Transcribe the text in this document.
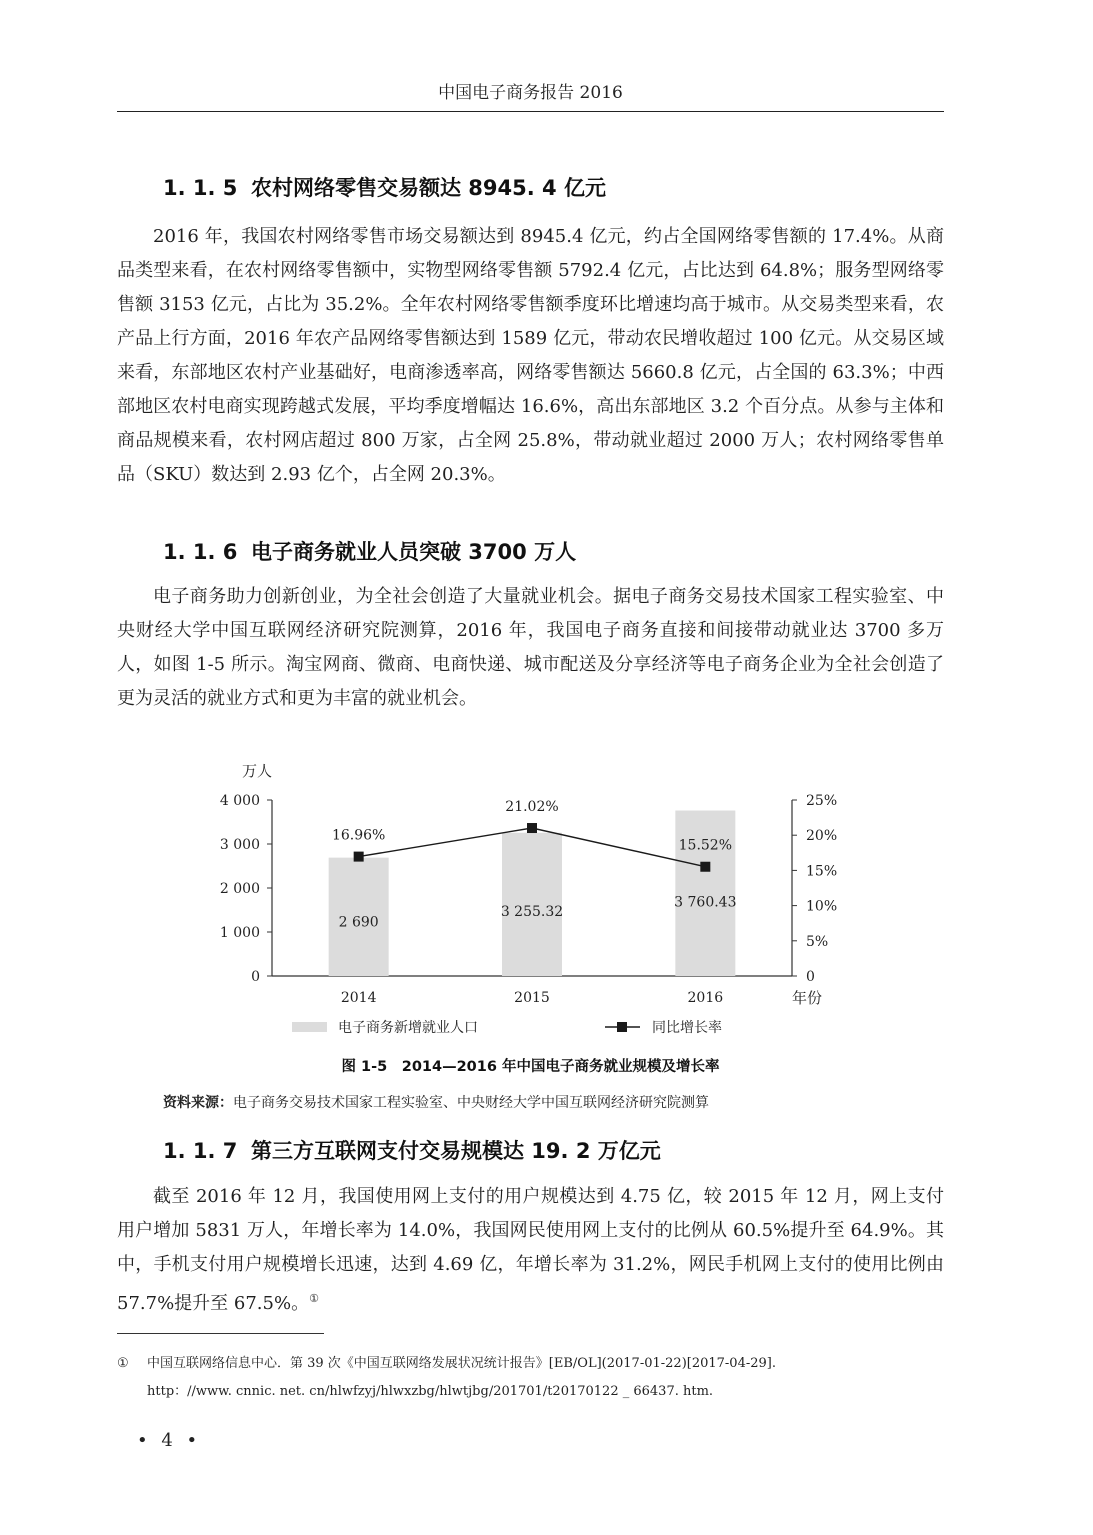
中国电子商务报告 2016
1. 1. 5 农村网络零售交易额达 8945. 4 亿元

2016 年，我国农村网络零售市场交易额达到 8945.4 亿元，约占全国网络零售额的 17.4%。从商品类型来看，在农村网络零售额中，实物型网络零售额 5792.4 亿元，占比达到 64.8%；服务型网络零售额 3153 亿元，占比为 35.2%。全年农村网络零售额季度环比增速均高于城市。从交易类型来看，农产品上行方面，2016 年农产品网络零售额达到 1589 亿元，带动农民增收超过 100 亿元。从交易区域来看，东部地区农村产业基础好，电商渗透率高，网络零售额达 5660.8 亿元，占全国的 63.3%；中西部地区农村电商实现跨越式发展，平均季度增幅达 16.6%，高出东部地区 3.2 个百分点。从参与主体和商品规模来看，农村网店超过 800 万家，占全网 25.8%，带动就业超过 2000 万人；农村网络零售单品（SKU）数达到 2.93 亿个，占全网 20.3%。

1. 1. 6 电子商务就业人员突破 3700 万人

电子商务助力创新创业，为全社会创造了大量就业机会。据电子商务交易技术国家工程实验室、中央财经大学中国互联网经济研究院测算，2016 年，我国电子商务直接和间接带动就业达 3700 多万人，如图 1-5 所示。淘宝网商、微商、电商快递、城市配送及分享经济等电子商务企业为全社会创造了更为灵活的就业方式和更为丰富的就业机会。

万人
年份
0
1 000
2 000
3 000
4 000
0
5%
10%
15%
20%
25%
2014	2015	2016
2 690
3 255.32
3 760.43
16.96%
21.02%
15.52%
电子商务新增就业人口	同比增长率
图 1-5　2014—2016 年中国电子商务就业规模及增长率
资料来源：电子商务交易技术国家工程实验室、中央财经大学中国互联网经济研究院测算
1. 1. 7 第三方互联网支付交易规模达 19. 2 万亿元

截至 2016 年 12 月，我国使用网上支付的用户规模达到 4.75 亿，较 2015 年 12 月，网上支付用户增加 5831 万人，年增长率为 14.0%，我国网民使用网上支付的比例从 60.5%提升至 64.9%。其中，手机支付用户规模增长迅速，达到 4.69 亿，年增长率为 31.2%，网民手机网上支付的使用比例由 57.7%提升至 67.5%。①

① 中国互联网络信息中心．第 39 次《中国互联网络发展状况统计报告》[EB/OL](2017-01-22)[2017-04-29].
http：//www. cnnic. net. cn/hlwfzyj/hlwxzbg/hlwtjbg/201701/t20170122 _ 66437. htm.
• 4 •
